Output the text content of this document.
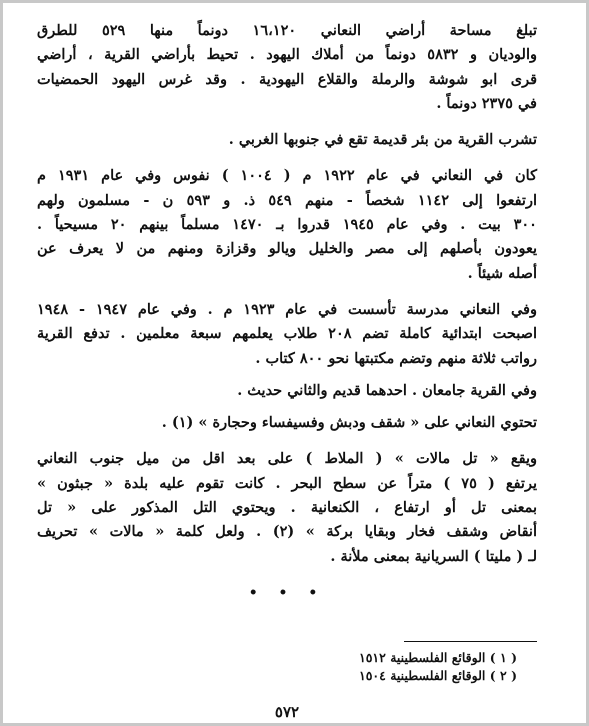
تبلغ مساحة أراضي النعاني ١٦،١٢٠ دونماً منها ٥٢٩ للطرق
والوديان و ٥٨٣٢ دونماً من أملاك اليهود . تحيط بأراضي القرية ، أراضي
قرى ابو شوشة والرملة والقلاع اليهودية . وقد غرس اليهود الحمضيات
في ٢٣٧٥ دونماً .
تشرب القرية من بئر قديمة تقع في جنوبها الغربي .
كان في النعاني في عام ١٩٢٢ م ( ١٠٠٤ ) نفوس وفي عام ١٩٣١ م
ارتفعوا إلى ١١٤٢ شخصاً - منهم ٥٤٩ ذ. و ٥٩٣ ن - مسلمون ولهم
٣٠٠ بيت . وفي عام ١٩٤٥ قدروا بـ ١٤٧٠ مسلماً بينهم ٢٠ مسيحياً .
يعودون بأصلهم إلى مصر والخليل ويالو وقزازة ومنهم من لا يعرف عن
أصله شيئاً .
وفي النعاني مدرسة تأسست في عام ١٩٢٣ م . وفي عام ١٩٤٧ - ١٩٤٨
اصبحت ابتدائية كاملة تضم ٢٠٨ طلاب يعلمهم سبعة معلمين . تدفع القرية
رواتب ثلاثة منهم وتضم مكتبتها نحو ٨٠٠ كتاب .
وفي القرية جامعان . احدهما قديم والثاني حديث .
تحتوي النعاني على « شقف ودبش وفسيفساء وحجارة » (١) .
ويقع « تل مالات » ( الملاط ) على بعد اقل من ميل جنوب النعاني
يرتفع ( ٧٥ ) متراً عن سطح البحر . كانت تقوم عليه بلدة « جبثون »
بمعنى تل أو ارتفاع ، الكنعانية . ويحتوي التل المذكور على « تل
أنقاض وشقف فخار وبقايا بركة » (٢) . ولعل كلمة « مالات » تحريف
لـ ( مليتا ) السريانية بمعنى ملأنة .
• • •
( ١ ) الوقائع الفلسطينية ١٥١٢
( ٢ ) الوقائع الفلسطينية ١٥٠٤
٥٧٢
